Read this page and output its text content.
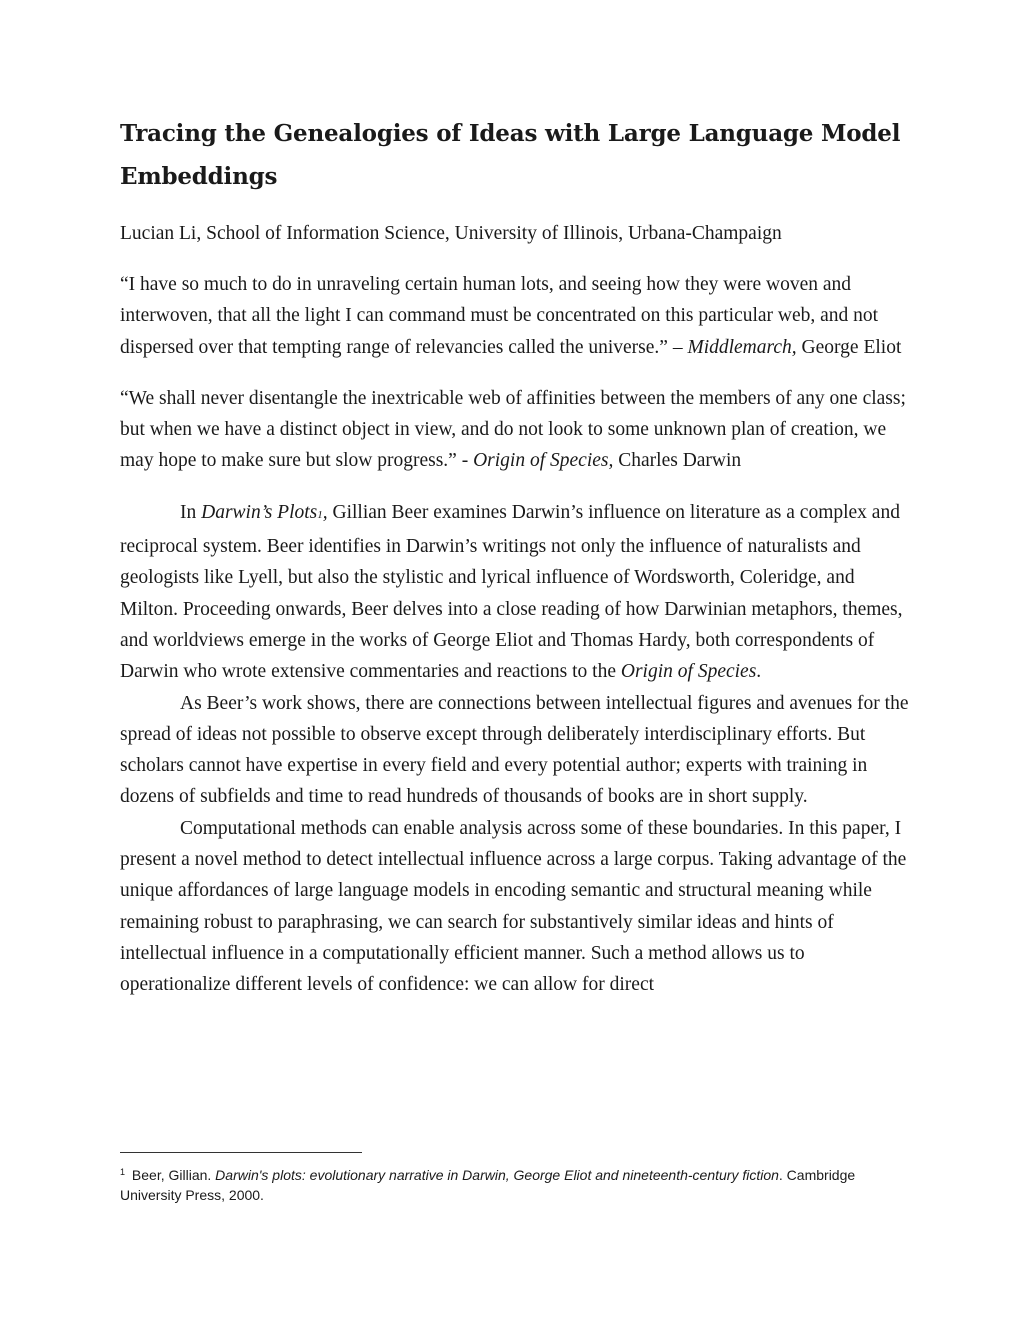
Tracing the Genealogies of Ideas with Large Language Model Embeddings

Lucian Li, School of Information Science, University of Illinois, Urbana-Champaign

“I have so much to do in unraveling certain human lots, and seeing how they were woven and interwoven, that all the light I can command must be concentrated on this particular web, and not dispersed over that tempting range of relevancies called the universe.” – Middlemarch, George Eliot

“We shall never disentangle the inextricable web of affinities between the members of any one class; but when we have a distinct object in view, and do not look to some unknown plan of creation, we may hope to make sure but slow progress.” - Origin of Species, Charles Darwin

In Darwin’s Plots1, Gillian Beer examines Darwin’s influence on literature as a complex and reciprocal system. Beer identifies in Darwin’s writings not only the influence of naturalists and geologists like Lyell, but also the stylistic and lyrical influence of Wordsworth, Coleridge, and Milton. Proceeding onwards, Beer delves into a close reading of how Darwinian metaphors, themes, and worldviews emerge in the works of George Eliot and Thomas Hardy, both correspondents of Darwin who wrote extensive commentaries and reactions to the Origin of Species.

As Beer’s work shows, there are connections between intellectual figures and avenues for the spread of ideas not possible to observe except through deliberately interdisciplinary efforts. But scholars cannot have expertise in every field and every potential author; experts with training in dozens of subfields and time to read hundreds of thousands of books are in short supply.

Computational methods can enable analysis across some of these boundaries. In this paper, I present a novel method to detect intellectual influence across a large corpus. Taking advantage of the unique affordances of large language models in encoding semantic and structural meaning while remaining robust to paraphrasing, we can search for substantively similar ideas and hints of intellectual influence in a computationally efficient manner. Such a method allows us to operationalize different levels of confidence: we can allow for direct

$^1$ Beer, Gillian. Darwin's plots: evolutionary narrative in Darwin, George Eliot and nineteenth-century fiction. Cambridge University Press, 2000.
